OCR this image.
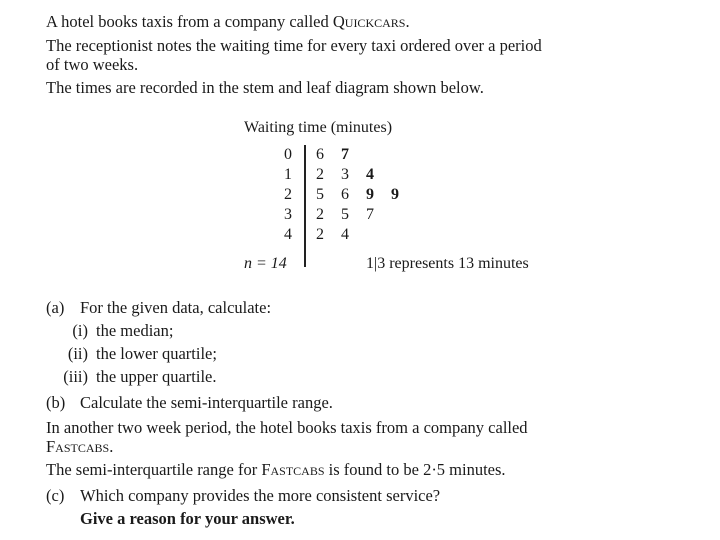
A hotel books taxis from a company called Quickcars.
The receptionist notes the waiting time for every taxi ordered over a period
of two weeks.
The times are recorded in the stem and leaf diagram shown below.
Waiting time (minutes)
0
1
2
3
4
6 7
2 3 4
5 6 9 9
2 5 7
2 4
n = 14	1|3 represents 13 minutes
(a) For the given data, calculate:
(i) the median;
(ii) the lower quartile;
(iii) the upper quartile.
(b) Calculate the semi-interquartile range.
In another two week period, the hotel books taxis from a company called
Fastcabs.
The semi-interquartile range for Fastcabs is found to be 2·5 minutes.
(c) Which company provides the more consistent service?
Give a reason for your answer.
